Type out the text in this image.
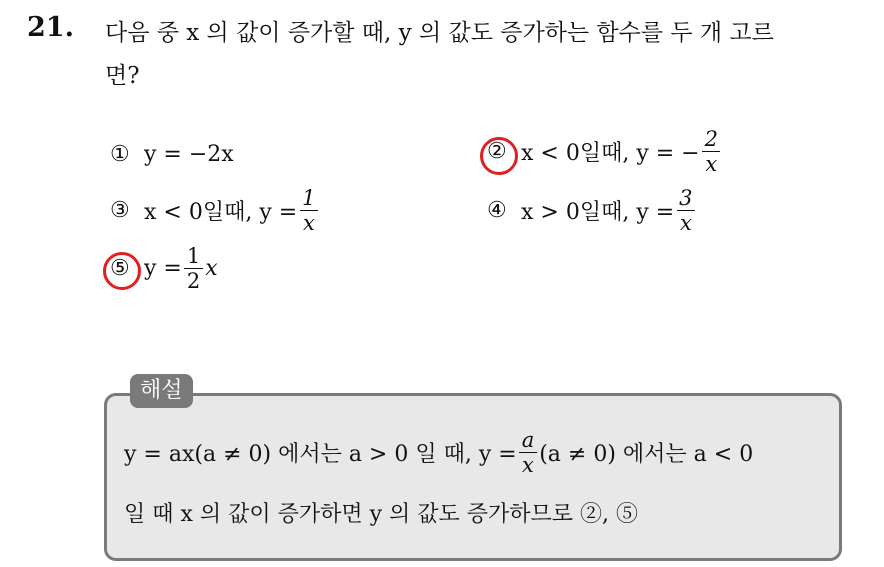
21. 다음 중 x 의 값이 증가할 때, y 의 값도 증가하는 함수를 두 개 고르
면?
① y = −2x	② x < 0일때, y = − $\frac{2}{x}$
③ x < 0일때, $y = \frac{1}{x}$	④ x > 0일때, $y = \frac{3}{x}$
⑤ $y = \frac{1}{2}$ x
해설
y = ax(a ≠ 0) 에서는 a > 0 일 때, $y = \frac{a}{x} (a \ne 0)$ 에서는 a < 0
일 때 x 의 값이 증가하면 y 의 값도 증가하므로 ②, ⑤
